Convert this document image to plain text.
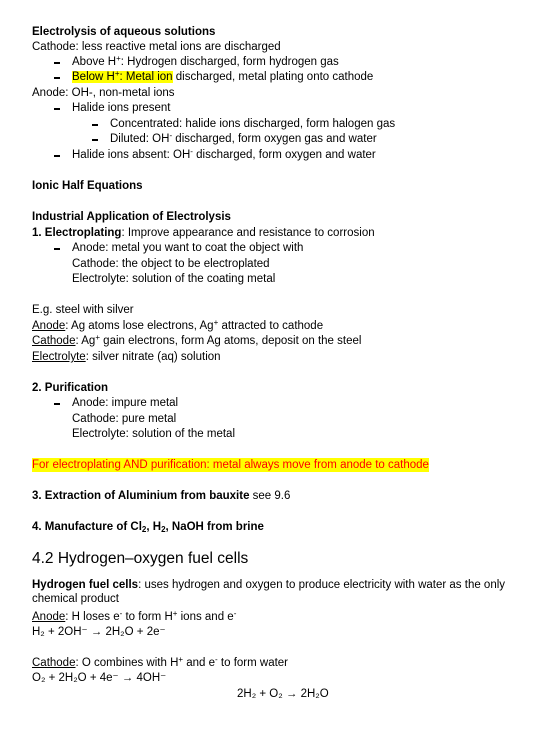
Electrolysis of aqueous solutions
Cathode: less reactive metal ions are discharged
Above H+: Hydrogen discharged, form hydrogen gas
Below H+: Metal ion discharged, metal plating onto cathode
Anode: OH-, non-metal ions
Halide ions present
Concentrated: halide ions discharged, form halogen gas
Diluted: OH- discharged, form oxygen gas and water
Halide ions absent: OH- discharged, form oxygen and water
Ionic Half Equations
Industrial Application of Electrolysis
1. Electroplating: Improve appearance and resistance to corrosion
Anode: metal you want to coat the object with
Cathode: the object to be electroplated
Electrolyte: solution of the coating metal
E.g. steel with silver
Anode: Ag atoms lose electrons, Ag+ attracted to cathode
Cathode: Ag+ gain electrons, form Ag atoms, deposit on the steel
Electrolyte: silver nitrate (aq) solution
2. Purification
Anode: impure metal
Cathode: pure metal
Electrolyte: solution of the metal
For electroplating AND purification: metal always move from anode to cathode
3. Extraction of Aluminium from bauxite see 9.6
4. Manufacture of $Cl_2$, $H_2$, NaOH from brine
4.2 Hydrogen–oxygen fuel cells
Hydrogen fuel cells: uses hydrogen and oxygen to produce electricity with water as the only chemical product
Anode: H loses e- to form H+ ions and e-
H₂ + 2OH⁻ → 2H₂O + 2e⁻
Cathode: O combines with H+ and e- to form water
O₂ + 2H₂O + 4e⁻ → 4OH⁻
2H₂ + O₂ → 2H₂O
